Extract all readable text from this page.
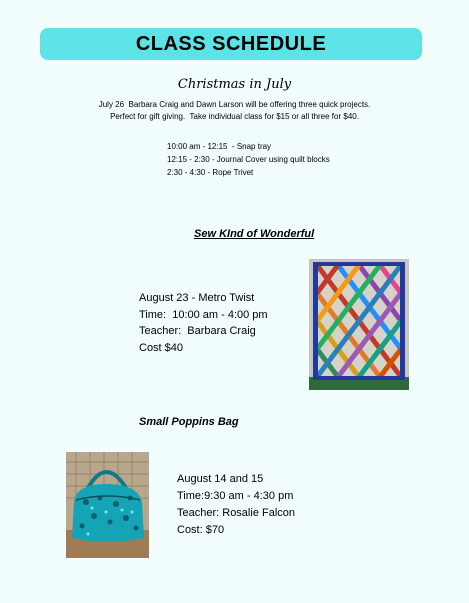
CLASS SCHEDULE
Christmas in July
July 26  Barbara Craig and Dawn Larson will be offering three quick projects.
Perfect for gift giving.  Take individual class for $15 or all three for $40.
10:00 am - 12:15  - Snap tray
12:15 - 2:30 - Journal Cover using quilt blocks
2:30 - 4:30 - Rope Trivet
Sew KInd of Wonderful
August 23 - Metro Twist
Time:  10:00 am - 4:00 pm
Teacher:  Barbara Craig
Cost $40
Small Poppins Bag
August 14 and 15
Time:9:30 am - 4:30 pm
Teacher: Rosalie Falcon
Cost: $70
